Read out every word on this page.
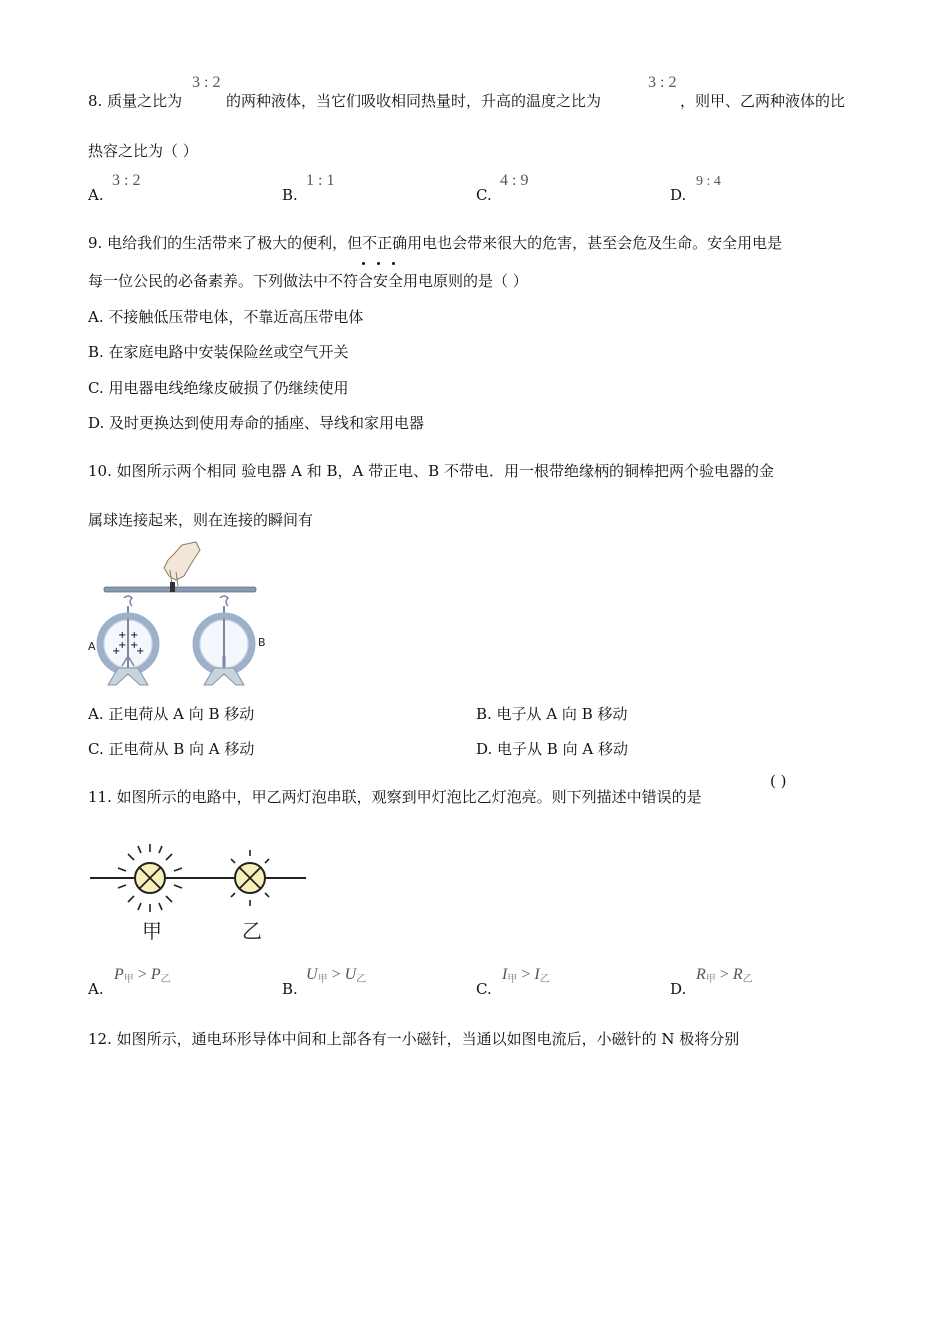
8. 质量之比为
3 : 2
的两种液体，当它们吸收相同热量时，升高的温度之比为
3 : 2
，则甲、乙两种液体的比
热容之比为（ ）
A.
3 : 2
B.
1 : 1
C.
4 : 9
D.
9 : 4
9. 电给我们的生活带来了极大的便利，但不正确用电也会带来很大的危害，甚至会危及生命。安全用电是
每一位公民的必备素养。下列做法中不符合安全用电原则的是（ ）
A. 不接触低压带电体，不靠近高压带电体
B. 在家庭电路中安装保险丝或空气开关
C. 用电器电线绝缘皮破损了仍继续使用
D. 及时更换达到使用寿命的插座、导线和家用电器
10. 如图所示两个相同 验电器 A 和 B，A 带正电、B 不带电．用一根带绝缘柄的铜棒把两个验电器的金
属球连接起来，则在连接的瞬间有
+ +
+ +
+ +
A	B
A. 正电荷从 A 向 B 移动	B. 电子从 A 向 B 移动
C. 正电荷从 B 向 A 移动	D. 电子从 B 向 A 移动
11. 如图所示的电路中，甲乙两灯泡串联，观察到甲灯泡比乙灯泡亮。则下列描述中错误的是
( )
甲	乙
A.
$P_甲 > P_乙$
B.
$U_甲 > U_乙$
C.
$I_甲 > I_乙$
D.
$R_甲 > R_乙$
12. 如图所示，通电环形导体中间和上部各有一小磁针，当通以如图电流后，小磁针的 N 极将分别
